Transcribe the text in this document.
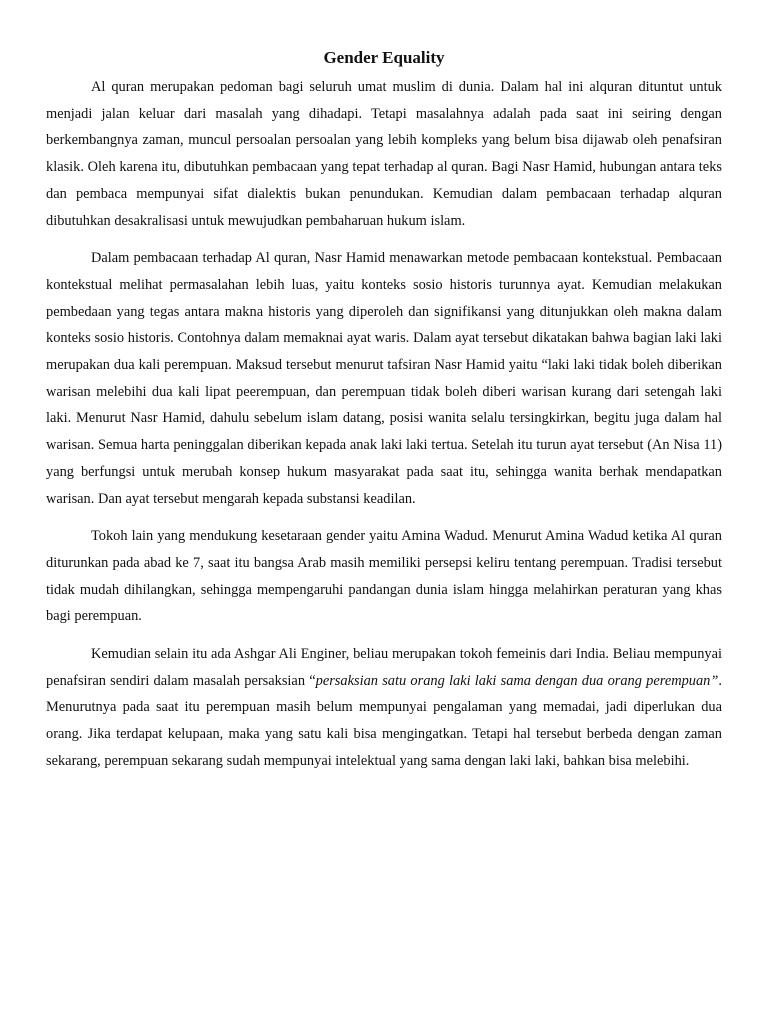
Gender Equality

Al quran merupakan pedoman bagi seluruh umat muslim di dunia. Dalam hal ini alquran dituntut untuk menjadi jalan keluar dari masalah yang dihadapi. Tetapi masalahnya adalah pada saat ini seiring dengan berkembangnya zaman, muncul persoalan persoalan yang lebih kompleks yang belum bisa dijawab oleh penafsiran klasik. Oleh karena itu, dibutuhkan pembacaan yang tepat terhadap al quran. Bagi Nasr Hamid, hubungan antara teks dan pembaca mempunyai sifat dialektis bukan penundukan. Kemudian dalam pembacaan terhadap alquran dibutuhkan desakralisasi untuk mewujudkan pembaharuan hukum islam.

Dalam pembacaan terhadap Al quran, Nasr Hamid menawarkan metode pembacaan kontekstual. Pembacaan kontekstual melihat permasalahan lebih luas, yaitu konteks sosio historis turunnya ayat. Kemudian melakukan pembedaan yang tegas antara makna historis yang diperoleh dan signifikansi yang ditunjukkan oleh makna dalam konteks sosio historis. Contohnya dalam memaknai ayat waris. Dalam ayat tersebut dikatakan bahwa bagian laki laki merupakan dua kali perempuan. Maksud tersebut menurut tafsiran Nasr Hamid yaitu “laki laki tidak boleh diberikan warisan melebihi dua kali lipat peerempuan, dan perempuan tidak boleh diberi warisan kurang dari setengah laki laki. Menurut Nasr Hamid, dahulu sebelum islam datang, posisi wanita selalu tersingkirkan, begitu juga dalam hal warisan. Semua harta peninggalan diberikan kepada anak laki laki tertua. Setelah itu turun ayat tersebut (An Nisa 11) yang berfungsi untuk merubah konsep hukum masyarakat pada saat itu, sehingga wanita berhak mendapatkan warisan. Dan ayat tersebut mengarah kepada substansi keadilan.

Tokoh lain yang mendukung kesetaraan gender yaitu Amina Wadud. Menurut Amina Wadud ketika Al quran diturunkan pada abad ke 7, saat itu bangsa Arab masih memiliki persepsi keliru tentang perempuan. Tradisi tersebut tidak mudah dihilangkan, sehingga mempengaruhi pandangan dunia islam hingga melahirkan peraturan yang khas bagi perempuan.

Kemudian selain itu ada Ashgar Ali Enginer, beliau merupakan tokoh femeinis dari India. Beliau mempunyai penafsiran sendiri dalam masalah persaksian “persaksian satu orang laki laki sama dengan dua orang perempuan”. Menurutnya pada saat itu perempuan masih belum mempunyai pengalaman yang memadai, jadi diperlukan dua orang. Jika terdapat kelupaan, maka yang satu kali bisa mengingatkan. Tetapi hal tersebut berbeda dengan zaman sekarang, perempuan sekarang sudah mempunyai intelektual yang sama dengan laki laki, bahkan bisa melebihi.
